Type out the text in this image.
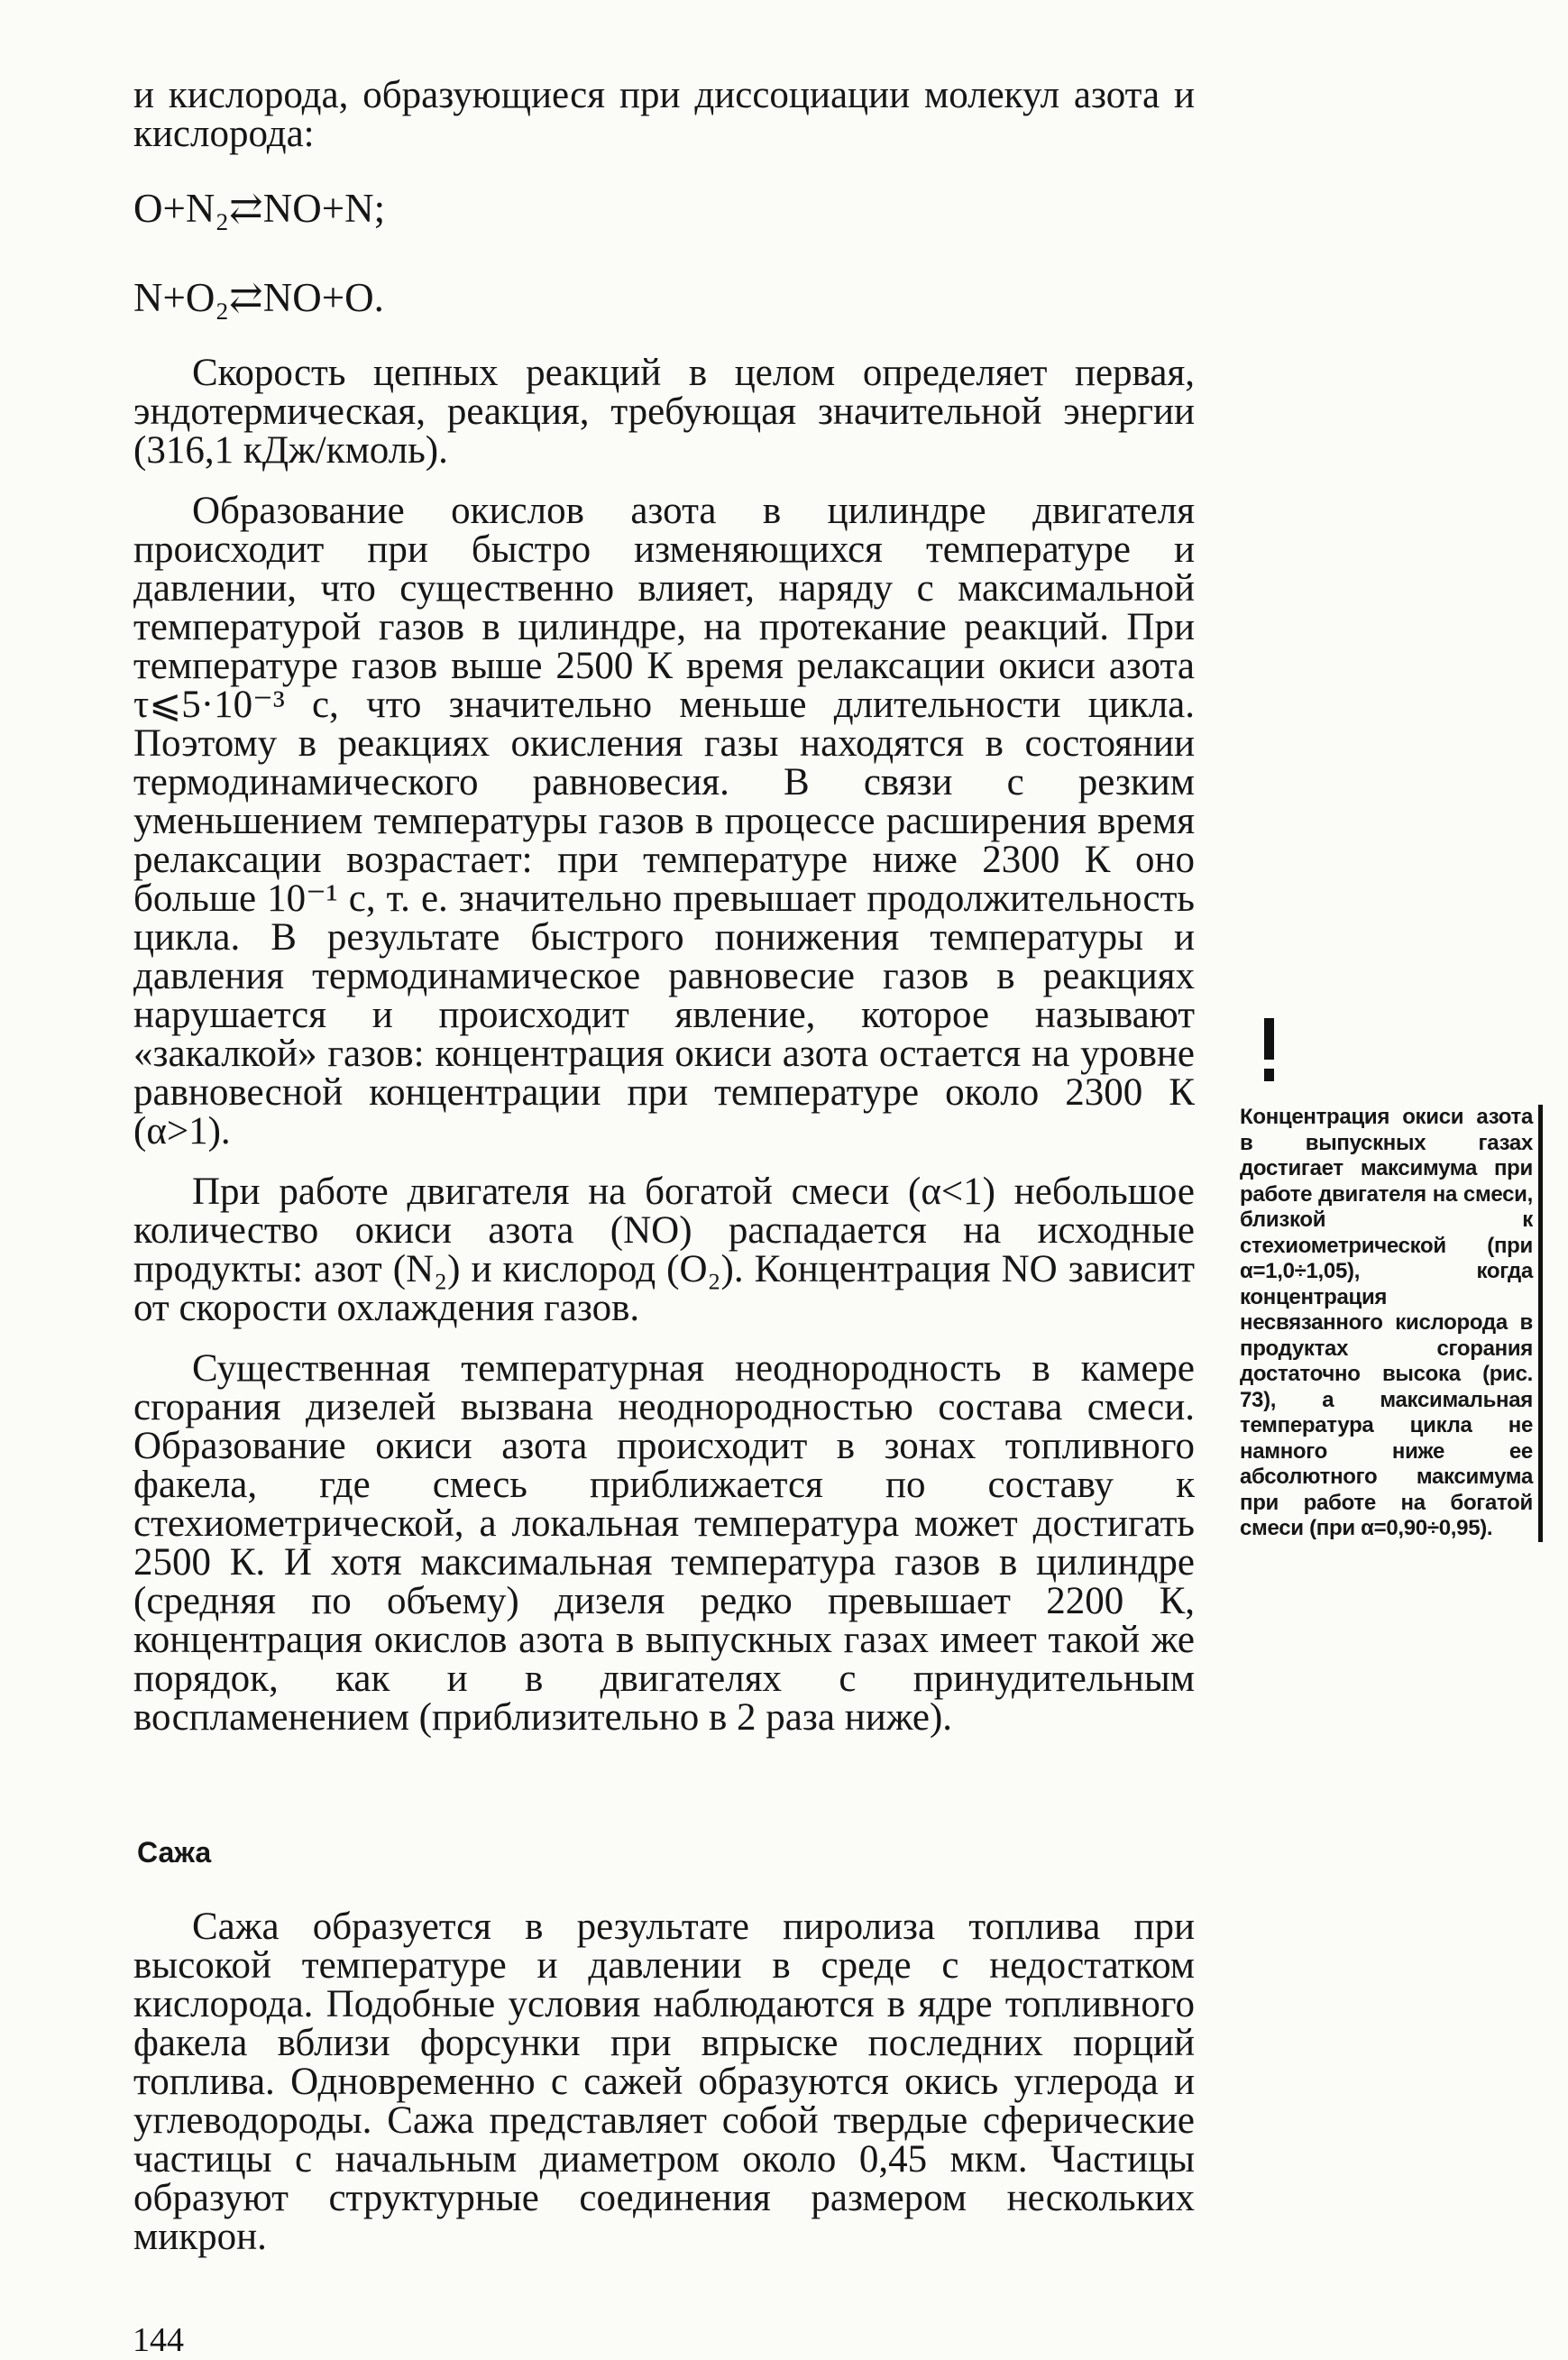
и кислорода, образующиеся при диссоциации молекул азота и кислорода:

O+N₂⇄NO+N;

N+O₂⇄NO+O.

Скорость цепных реакций в целом определяет первая, эндотермическая, реакция, требующая значительной энергии (316,1 кДж/кмоль).

Образование окислов азота в цилиндре двигателя происходит при быстро изменяющихся температуре и давлении, что существенно влияет, наряду с максимальной температурой газов в цилиндре, на протекание реакций. При температуре газов выше 2500 К время релаксации окиси азота τ⩽5·10⁻³ с, что значительно меньше длительности цикла. Поэтому в реакциях окисления газы находятся в состоянии термодинамического равновесия. В связи с резким уменьшением температуры газов в процессе расширения время релаксации возрастает: при температуре ниже 2300 К оно больше 10⁻¹ с, т. е. значительно превышает продолжительность цикла. В результате быстрого понижения температуры и давления термодинамическое равновесие газов в реакциях нарушается и происходит явление, которое называют «закалкой» газов: концентрация окиси азота остается на уровне равновесной концентрации при температуре около 2300 К (α>1).

При работе двигателя на богатой смеси (α<1) небольшое количество окиси азота (NO) распадается на исходные продукты: азот (N₂) и кислород (O₂). Концентрация NO зависит от скорости охлаждения газов.

Существенная температурная неоднородность в камере сгорания дизелей вызвана неоднородностью состава смеси. Образование окиси азота происходит в зонах топливного факела, где смесь приближается по составу к стехиометрической, а локальная температура может достигать 2500 К. И хотя максимальная температура газов в цилиндре (средняя по объему) дизеля редко превышает 2200 К, концентрация окислов азота в выпускных газах имеет такой же порядок, как и в двигателях с принудительным воспламенением (приблизительно в 2 раза ниже).

Сажа

Сажа образуется в результате пиролиза топлива при высокой температуре и давлении в среде с недостатком кислорода. Подобные условия наблюдаются в ядре топливного факела вблизи форсунки при впрыске последних порций топлива. Одновременно с сажей образуются окись углерода и углеводороды. Сажа представляет собой твердые сферические частицы с начальным диаметром около 0,45 мкм. Частицы образуют структурные соединения размером нескольких микрон.

Концентрация окиси азота в выпускных газах достигает максимума при работе двигателя на смеси, близкой к стехиометрической (при α=1,0÷1,05), когда концентрация несвязанного кислорода в продуктах сгорания достаточно высока (рис. 73), а максимальная температура цикла не намного ниже ее абсолютного максимума при работе на богатой смеси (при α=0,90÷0,95).
144
